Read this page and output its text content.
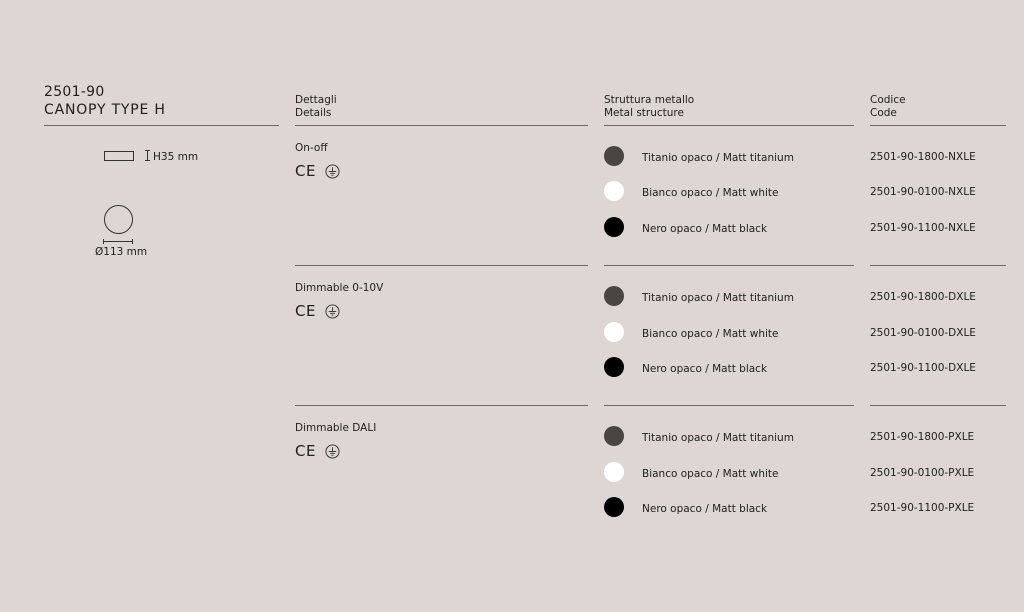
2501-90
CANOPY TYPE H
Dettagli
Details
Struttura metallo
Metal structure
Codice
Code
H35 mm
Ø113 mm
On-off
CE
Titanio opaco / Matt titanium	2501-90-1800-NXLE
Bianco opaco / Matt white	2501-90-0100-NXLE
Nero opaco / Matt black	2501-90-1100-NXLE
Dimmable 0-10V
CE
Titanio opaco / Matt titanium	2501-90-1800-DXLE
Bianco opaco / Matt white	2501-90-0100-DXLE
Nero opaco / Matt black	2501-90-1100-DXLE
Dimmable DALI
CE
Titanio opaco / Matt titanium	2501-90-1800-PXLE
Bianco opaco / Matt white	2501-90-0100-PXLE
Nero opaco / Matt black	2501-90-1100-PXLE
